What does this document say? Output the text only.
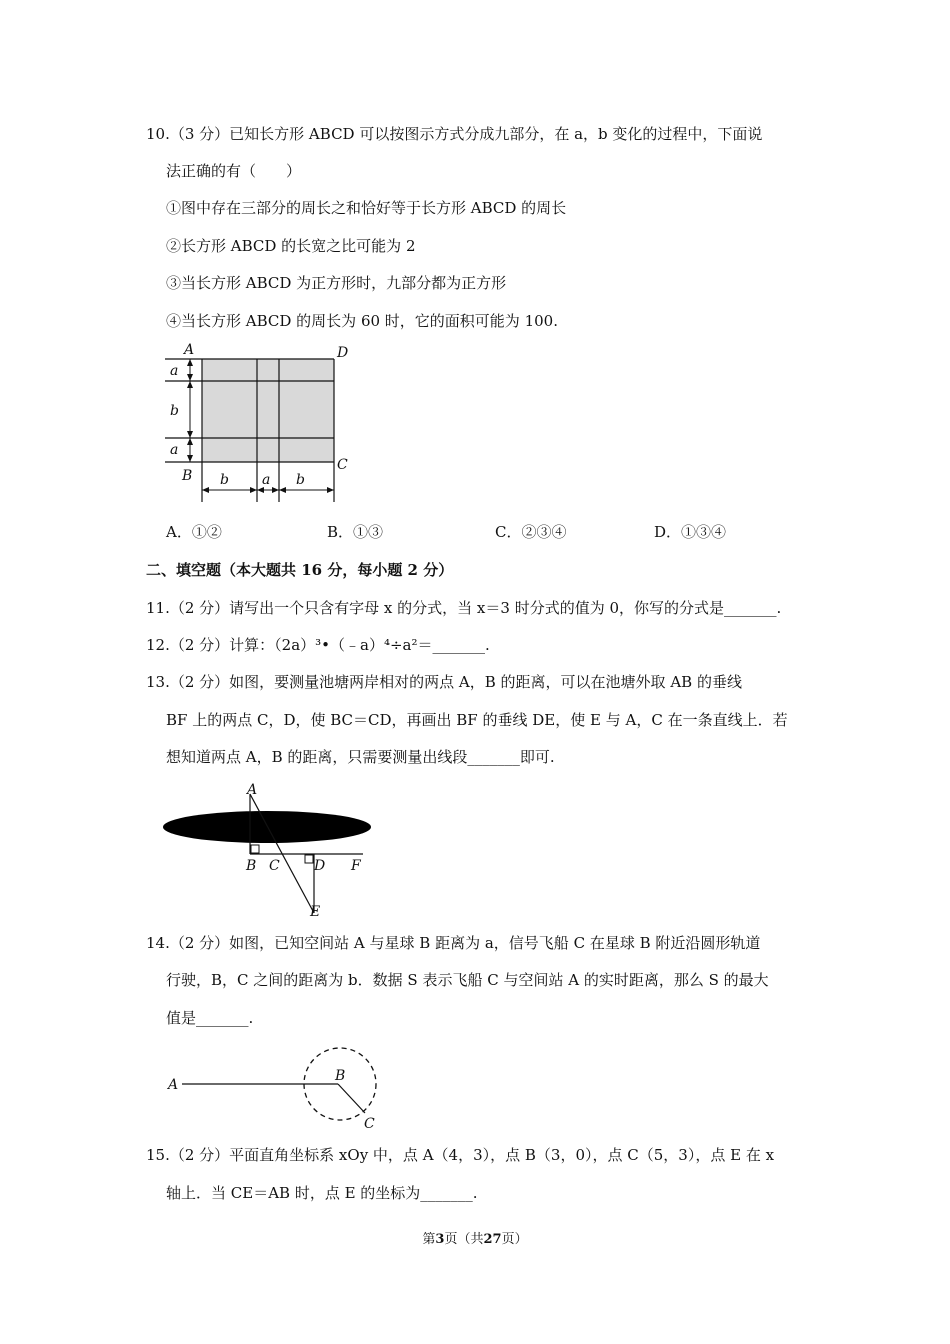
10.（3 分）已知长方形 ABCD 可以按图示方式分成九部分，在 a，b 变化的过程中，下面说
法正确的有（　　）
①图中存在三部分的周长之和恰好等于长方形 ABCD 的周长
②长方形 ABCD 的长宽之比可能为 2
③当长方形 ABCD 为正方形时，九部分都为正方形
④当长方形 ABCD 的周长为 60 时，它的面积可能为 100.
A	D
B
C
a
b
a
b a b
A．①②	B．①③	C．②③④	D．①③④
二、填空题（本大题共 16 分，每小题 2 分）
11.（2 分）请写出一个只含有字母 x 的分式，当 x＝3 时分式的值为 0，你写的分式是_______.
12.（2 分）计算：（2a）³•（﹣a）⁴÷a²＝_______.
13.（2 分）如图，要测量池塘两岸相对的两点 A，B 的距离，可以在池塘外取 AB 的垂线
BF 上的两点 C，D，使 BC＝CD，再画出 BF 的垂线 DE，使 E 与 A，C 在一条直线上．若
想知道两点 A，B 的距离，只需要测量出线段_______即可.
A
B C D F
E
14.（2 分）如图，已知空间站 A 与星球 B 距离为 a，信号飞船 C 在星球 B 附近沿圆形轨道
行驶，B，C 之间的距离为 b．数据 S 表示飞船 C 与空间站 A 的实时距离，那么 S 的最大
值是_______.
A
B
C
15.（2 分）平面直角坐标系 xOy 中，点 A（4，3），点 B（3，0），点 C（5，3），点 E 在 x
轴上．当 CE＝AB 时，点 E 的坐标为_______.
第3页（共27页）
